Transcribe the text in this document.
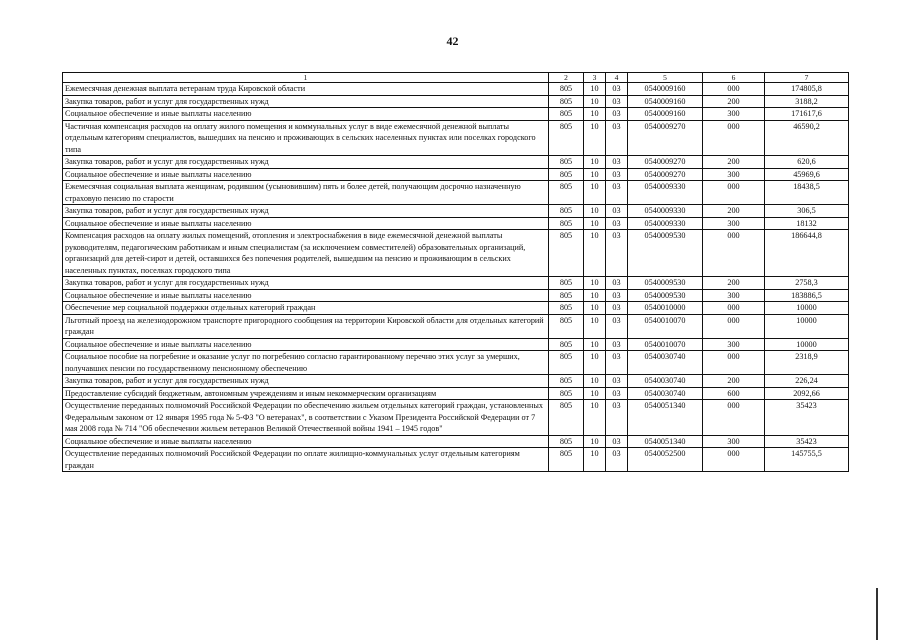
42
1	2	3	4	5	6	7
Ежемесячная денежная выплата ветеранам труда Кировской области	805	10	03	0540009160	000	174805,8
Закупка товаров, работ и услуг для государственных нужд	805	10	03	0540009160	200	3188,2
Социальное обеспечение и иные выплаты населению	805	10	03	0540009160	300	171617,6
Частичная компенсация расходов на оплату жилого помещения и коммунальных услуг в виде ежемесячной денежной выплаты отдельным категориям специалистов, вышедших на пенсию и проживающих в сельских населенных пунктах или поселках городского типа	805	10	03	0540009270	000	46590,2
Закупка товаров, работ и услуг для государственных нужд	805	10	03	0540009270	200	620,6
Социальное обеспечение и иные выплаты населению	805	10	03	0540009270	300	45969,6
Ежемесячная социальная выплата женщинам, родившим (усыновившим) пять и более детей, получающим досрочно назначенную страховую пенсию по старости	805	10	03	0540009330	000	18438,5
Закупка товаров, работ и услуг для государственных нужд	805	10	03	0540009330	200	306,5
Социальное обеспечение и иные выплаты населению	805	10	03	0540009330	300	18132
Компенсация расходов на оплату жилых помещений, отопления и электроснабжения в виде ежемесячной денежной выплаты руководителям, педагогическим работникам и иным специалистам (за исключением совместителей) образовательных организаций, организаций для детей-сирот и детей, оставшихся без попечения родителей, вышедшим на пенсию и проживающим в сельских населенных пунктах, поселках городского типа	805	10	03	0540009530	000	186644,8
Закупка товаров, работ и услуг для государственных нужд	805	10	03	0540009530	200	2758,3
Социальное обеспечение и иные выплаты населению	805	10	03	0540009530	300	183886,5
Обеспечение мер социальной поддержки отдельных категорий граждан	805	10	03	0540010000	000	10000
Льготный проезд на железнодорожном транспорте пригородного сообщения на территории Кировской области для отдельных категорий граждан	805	10	03	0540010070	000	10000
Социальное обеспечение и иные выплаты населению	805	10	03	0540010070	300	10000
Социальное пособие на погребение и оказание услуг по погребению согласно гарантированному перечню этих услуг за умерших, получавших пенсии по государственному пенсионному обеспечению	805	10	03	0540030740	000	2318,9
Закупка товаров, работ и услуг для государственных нужд	805	10	03	0540030740	200	226,24
Предоставление субсидий бюджетным, автономным учреждениям и иным некоммерческим организациям	805	10	03	0540030740	600	2092,66
Осуществление переданных полномочий Российской Федерации по обеспечению жильем отдельных категорий граждан, установленных Федеральным законом от 12 января 1995 года № 5-ФЗ "О ветеранах", в соответствии с Указом Президента Российской Федерации от 7 мая 2008 года № 714 "Об обеспечении жильем ветеранов Великой Отечественной войны 1941 – 1945 годов"	805	10	03	0540051340	000	35423
Социальное обеспечение и иные выплаты населению	805	10	03	0540051340	300	35423
Осуществление переданных полномочий Российской Федерации по оплате жилищно-коммунальных услуг отдельным категориям граждан	805	10	03	0540052500	000	145755,5
